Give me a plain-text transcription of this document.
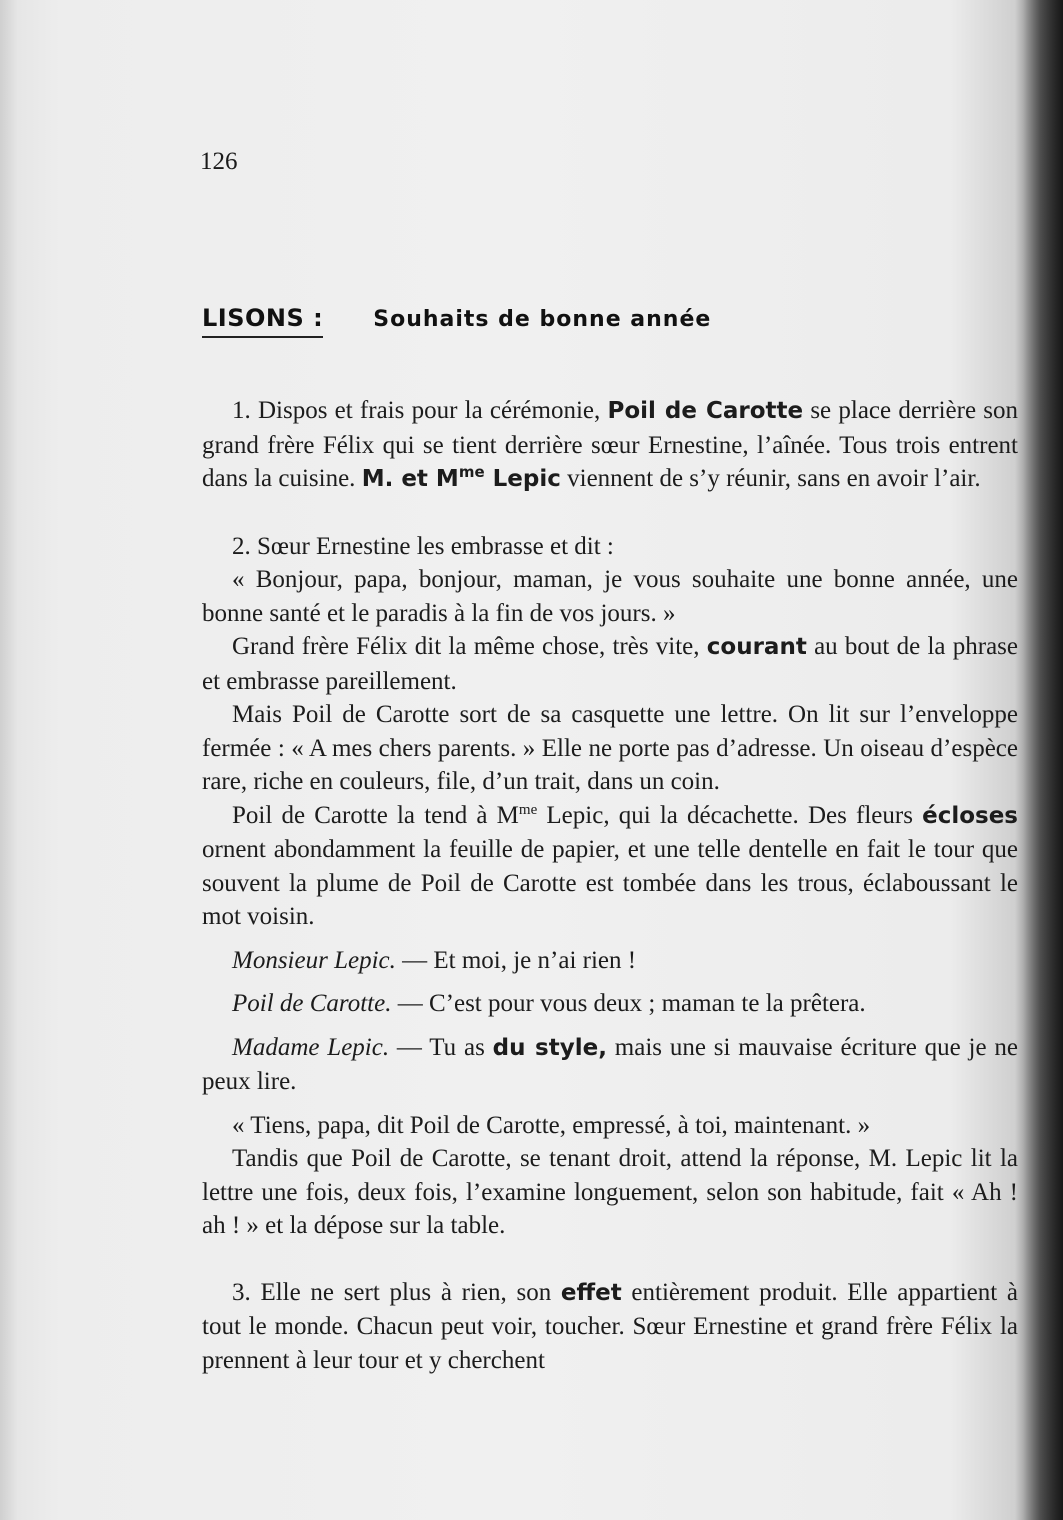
126
LISONS : Souhaits de bonne année

1. Dispos et frais pour la cérémonie, Poil de Carotte se place derrière son grand frère Félix qui se tient derrière sœur Ernestine, l’aînée. Tous trois entrent dans la cuisine. M. et $M^{me}$ Lepic viennent de s’y réunir, sans en avoir l’air.

2. Sœur Ernestine les embrasse et dit :

« Bonjour, papa, bonjour, maman, je vous souhaite une bonne année, une bonne santé et le paradis à la fin de vos jours. »

Grand frère Félix dit la même chose, très vite, courant au bout de la phrase et embrasse pareillement.

Mais Poil de Carotte sort de sa casquette une lettre. On lit sur l’enveloppe fermée : « A mes chers parents. » Elle ne porte pas d’adresse. Un oiseau d’espèce rare, riche en couleurs, file, d’un trait, dans un coin.

Poil de Carotte la tend à $M^{me}$ Lepic, qui la décachette. Des fleurs écloses ornent abondamment la feuille de papier, et une telle dentelle en fait le tour que souvent la plume de Poil de Carotte est tombée dans les trous, éclaboussant le mot voisin.

Monsieur Lepic. — Et moi, je n’ai rien !

Poil de Carotte. — C’est pour vous deux ; maman te la prêtera.

Madame Lepic. — Tu as du style, mais une si mauvaise écriture que je ne peux lire.

« Tiens, papa, dit Poil de Carotte, empressé, à toi, maintenant. »

Tandis que Poil de Carotte, se tenant droit, attend la réponse, M. Lepic lit la lettre une fois, deux fois, l’examine longuement, selon son habitude, fait « Ah ! ah ! » et la dépose sur la table.

3. Elle ne sert plus à rien, son effet entièrement produit. Elle appartient à tout le monde. Chacun peut voir, toucher. Sœur Ernestine et grand frère Félix la prennent à leur tour et y cherchent
